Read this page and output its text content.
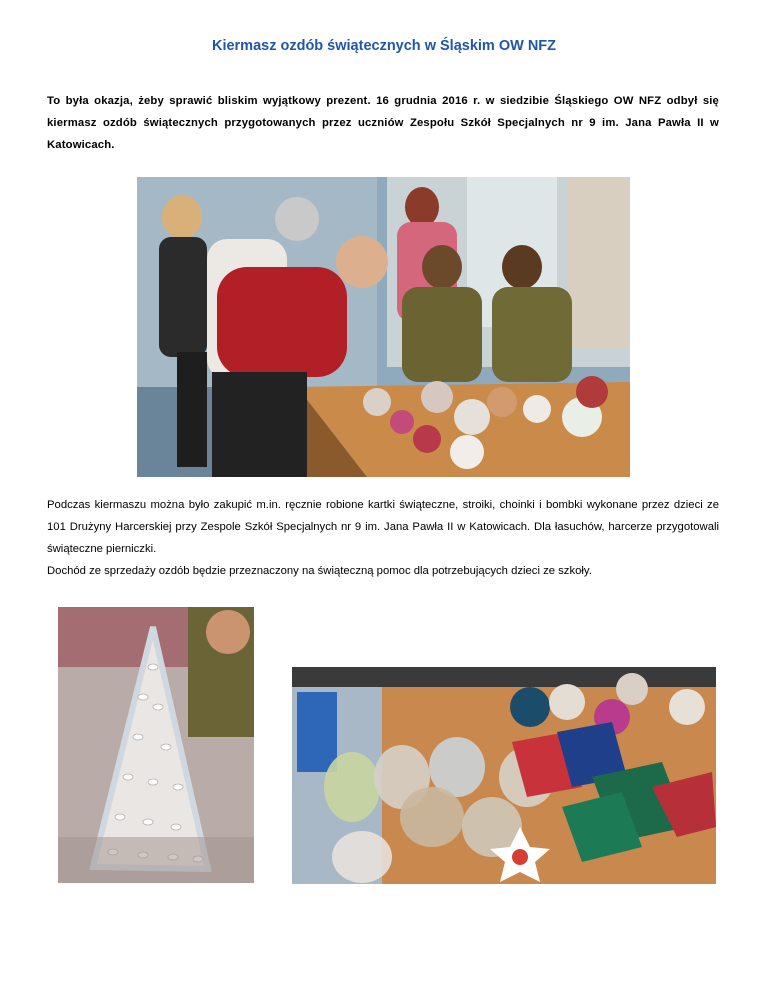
Kiermasz ozdób świątecznych w Śląskim OW NFZ
To była okazja, żeby sprawić bliskim wyjątkowy prezent. 16 grudnia 2016 r. w siedzibie Śląskiego OW NFZ odbył się kiermasz ozdób świątecznych przygotowanych przez uczniów Zespołu Szkół Specjalnych nr 9 im. Jana Pawła II w Katowicach.

Podczas kiermaszu można było zakupić m.in. ręcznie robione kartki świąteczne, stroiki, choinki i bombki wykonane przez dzieci ze 101 Drużyny Harcerskiej przy Zespole Szkół Specjalnych nr 9 im. Jana Pawła II w Katowicach. Dla łasuchów, harcerze przygotowali świąteczne pierniczki.

Dochód ze sprzedaży ozdób będzie przeznaczony na świąteczną pomoc dla potrzebujących dzieci ze szkoły.
